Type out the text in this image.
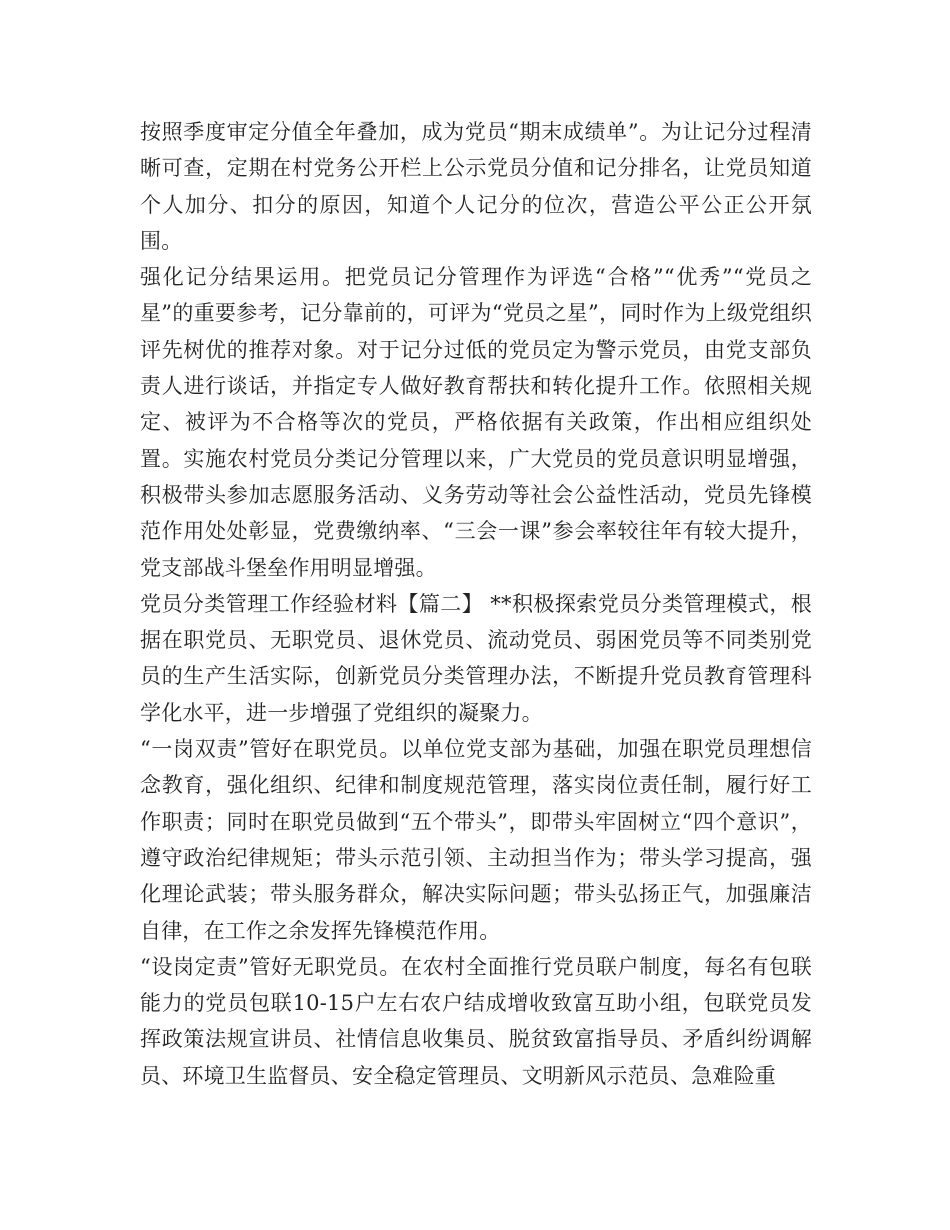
按照季度审定分值全年叠加，成为党员“期末成绩单”。为让记分过程清晰可查，定期在村党务公开栏上公示党员分值和记分排名，让党员知道个人加分、扣分的原因，知道个人记分的位次，营造公平公正公开氛围。

强化记分结果运用。把党员记分管理作为评选“合格”“优秀”“党员之星”的重要参考，记分靠前的，可评为“党员之星”，同时作为上级党组织评先树优的推荐对象。对于记分过低的党员定为警示党员，由党支部负责人进行谈话，并指定专人做好教育帮扶和转化提升工作。依照相关规定、被评为不合格等次的党员，严格依据有关政策，作出相应组织处置。实施农村党员分类记分管理以来，广大党员的党员意识明显增强，积极带头参加志愿服务活动、义务劳动等社会公益性活动，党员先锋模范作用处处彰显，党费缴纳率、“三会一课”参会率较往年有较大提升，党支部战斗堡垒作用明显增强。

党员分类管理工作经验材料【篇二】 **积极探索党员分类管理模式，根据在职党员、无职党员、退休党员、流动党员、弱困党员等不同类别党员的生产生活实际，创新党员分类管理办法，不断提升党员教育管理科学化水平，进一步增强了党组织的凝聚力。

“一岗双责”管好在职党员。以单位党支部为基础，加强在职党员理想信念教育，强化组织、纪律和制度规范管理，落实岗位责任制，履行好工作职责；同时在职党员做到“五个带头”，即带头牢固树立“四个意识”，遵守政治纪律规矩；带头示范引领、主动担当作为；带头学习提高，强化理论武装；带头服务群众，解决实际问题；带头弘扬正气，加强廉洁自律，在工作之余发挥先锋模范作用。

“设岗定责”管好无职党员。在农村全面推行党员联户制度，每名有包联能力的党员包联10-15户左右农户结成增收致富互助小组，包联党员发挥政策法规宣讲员、社情信息收集员、脱贫致富指导员、矛盾纠纷调解员、环境卫生监督员、安全稳定管理员、文明新风示范员、急难险重
